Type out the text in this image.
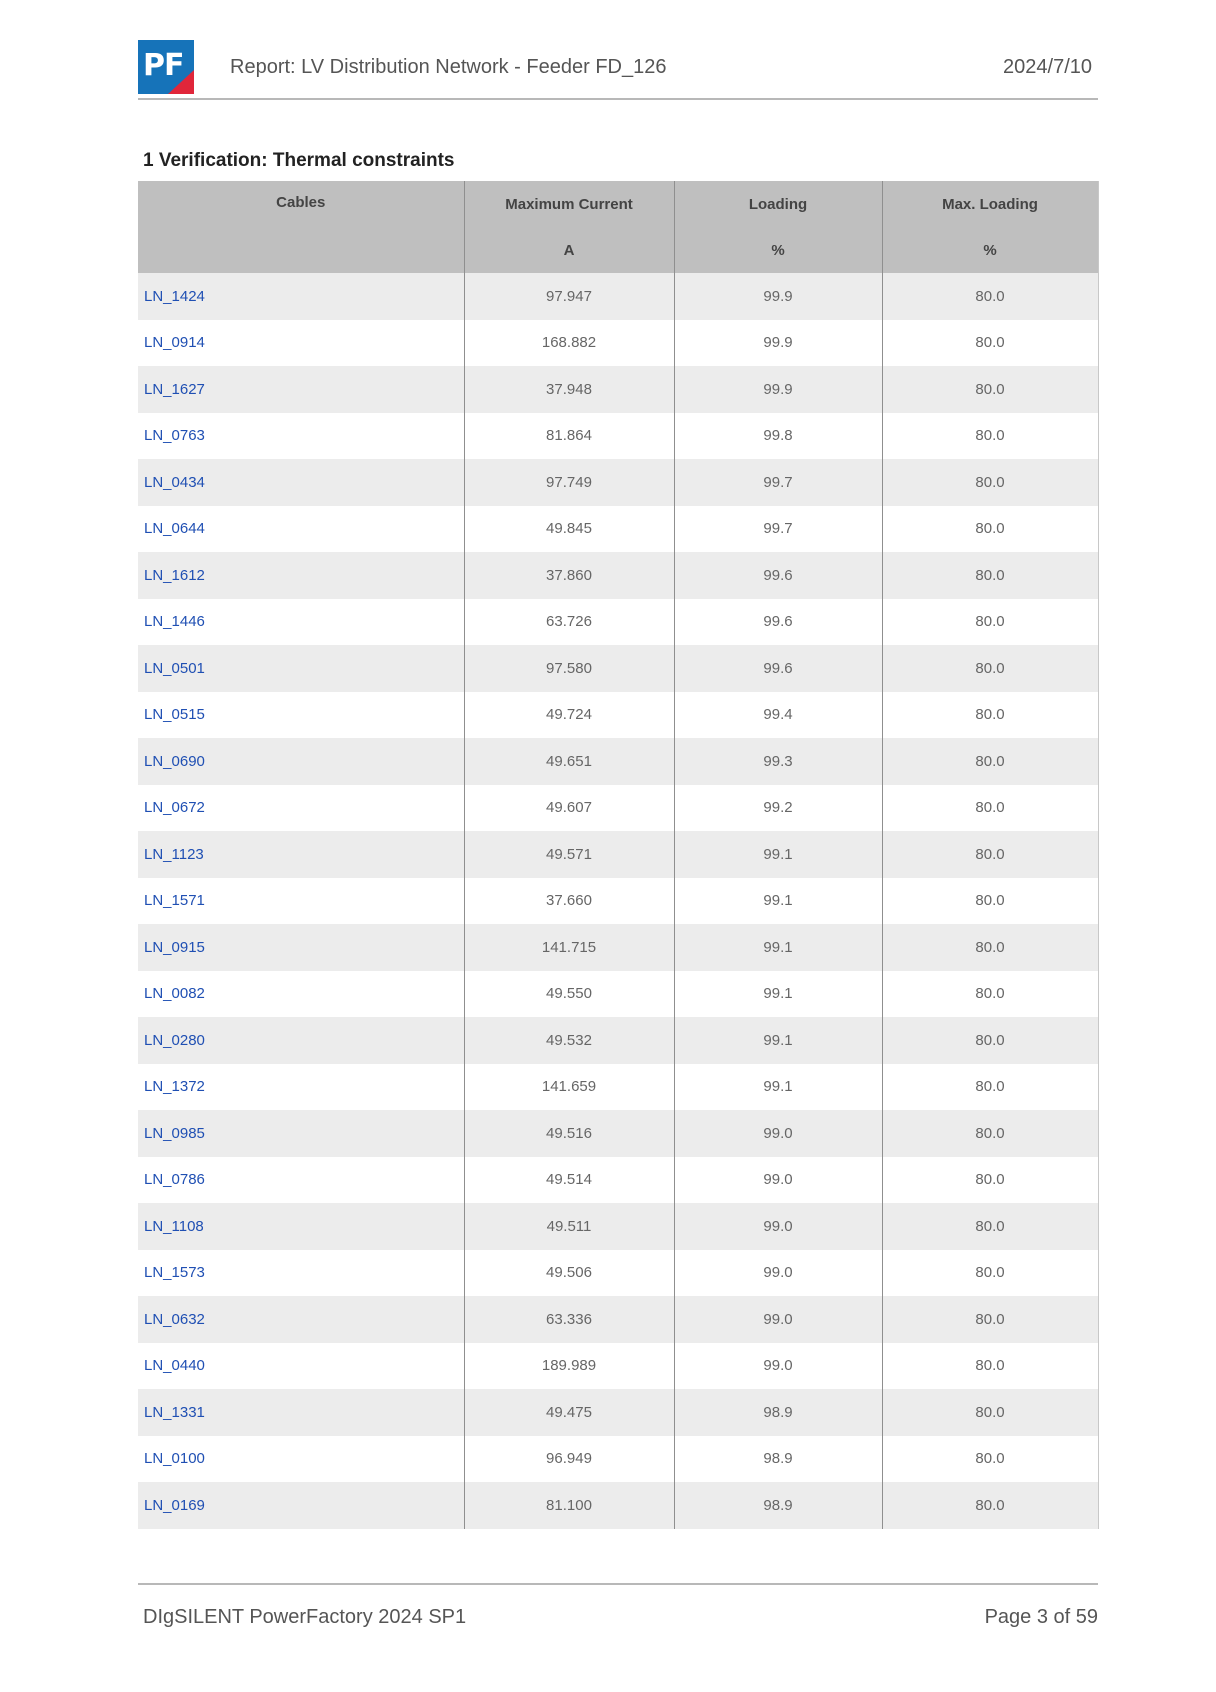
PF Report: LV Distribution Network - Feeder FD_126	2024/7/10
1 Verification: Thermal constraints
Cables	Maximum Current	Loading	Max. Loading
	A	%	%
LN_1424	97.947	99.9	80.0
LN_0914	168.882	99.9	80.0
LN_1627	37.948	99.9	80.0
LN_0763	81.864	99.8	80.0
LN_0434	97.749	99.7	80.0
LN_0644	49.845	99.7	80.0
LN_1612	37.860	99.6	80.0
LN_1446	63.726	99.6	80.0
LN_0501	97.580	99.6	80.0
LN_0515	49.724	99.4	80.0
LN_0690	49.651	99.3	80.0
LN_0672	49.607	99.2	80.0
LN_1123	49.571	99.1	80.0
LN_1571	37.660	99.1	80.0
LN_0915	141.715	99.1	80.0
LN_0082	49.550	99.1	80.0
LN_0280	49.532	99.1	80.0
LN_1372	141.659	99.1	80.0
LN_0985	49.516	99.0	80.0
LN_0786	49.514	99.0	80.0
LN_1108	49.511	99.0	80.0
LN_1573	49.506	99.0	80.0
LN_0632	63.336	99.0	80.0
LN_0440	189.989	99.0	80.0
LN_1331	49.475	98.9	80.0
LN_0100	96.949	98.9	80.0
LN_0169	81.100	98.9	80.0
DIgSILENT PowerFactory 2024 SP1	Page 3 of 59
